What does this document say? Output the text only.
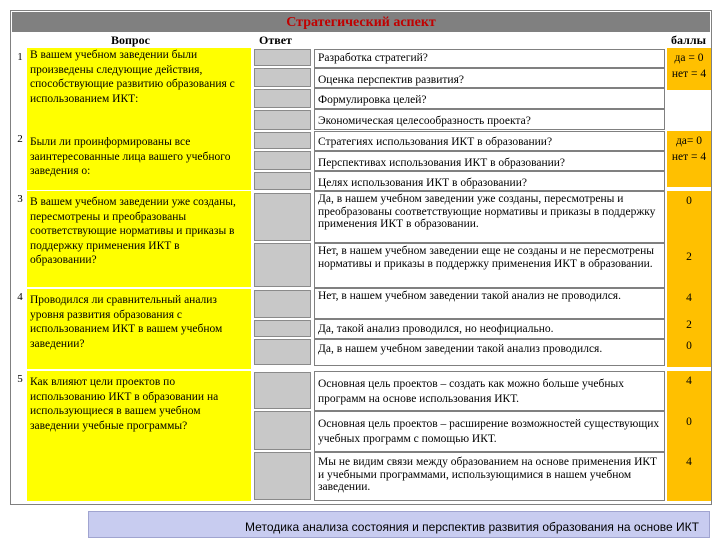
Стратегический аспект
Вопрос	Ответ	баллы
1 В вашем учебном заведении были произведены следующие действия, способствующие развитию образования с использованием ИКТ:
Разработка стратегий?
Оценка перспектив развития?
Формулировка целей?
Экономическая целесообразность проекта?
да = 0
нет = 4
2 Были ли проинформированы все заинтересованные лица вашего учебного заведения о:
Стратегиях использования ИКТ в образовании?
Перспективах использования ИКТ в образовании?
Целях использования ИКТ в образовании?
да= 0
нет = 4
3 В вашем учебном заведении уже созданы, пересмотрены и преобразованы соответствующие нормативы и приказы в поддержку применения ИКТ в образовании?
Да, в нашем учебном заведении уже созданы, пересмотрены и преобразованы соответствующие нормативы и приказы в поддержку применения ИКТ в образовании.
Нет, в нашем учебном заведении еще не созданы и не пересмотрены нормативы и приказы в поддержку применения ИКТ в образовании.
0
2
4 Проводился ли сравнительный анализ уровня развития образования с использованием ИКТ в вашем учебном заведении?
Нет, в нашем учебном заведении такой анализ не проводился.
Да, такой анализ проводился, но неофициально.
Да, в нашем учебном заведении такой анализ проводился.
4
2
0
5 Как влияют цели проектов по использованию ИКТ в образовании на использующиеся в вашем учебном заведении учебные программы?
Основная цель проектов – создать как можно больше учебных программ на основе использования ИКТ.
Основная цель проектов – расширение возможностей существующих учебных программ с помощью ИКТ.
Мы не видим связи между образованием на основе применения ИКТ и учебными программами, использующимися в нашем учебном заведении.
4
0
4
Методика анализа состояния и перспектив развития образования на основе ИКТ
